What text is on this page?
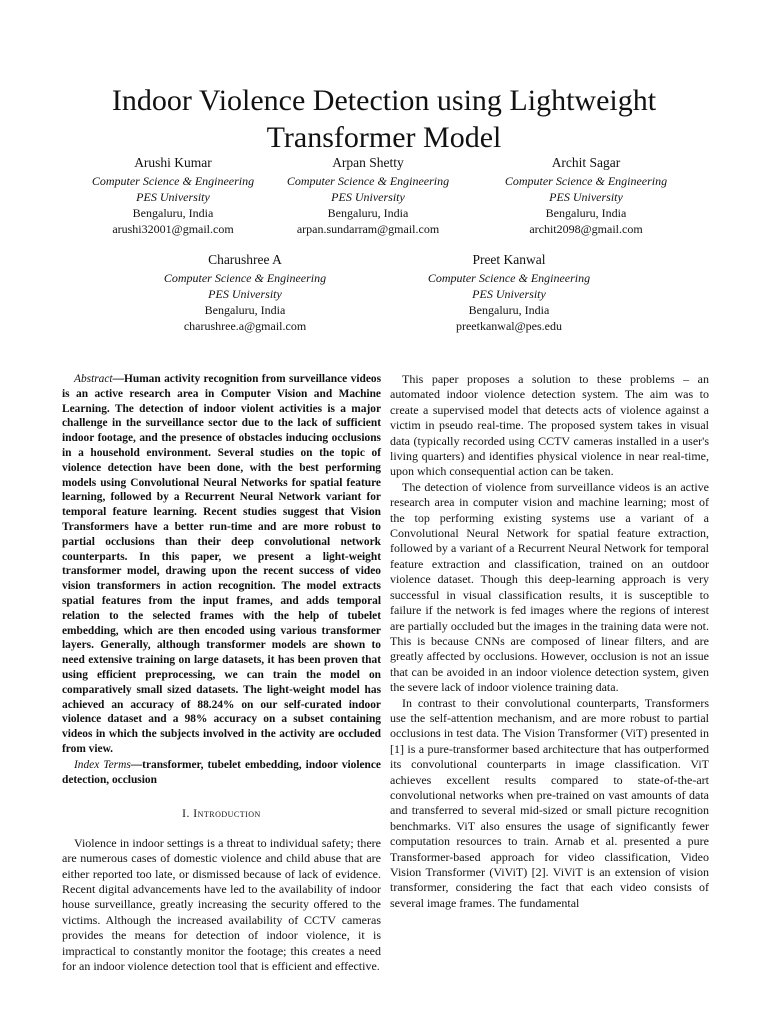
Indoor Violence Detection using Lightweight
Transformer Model
Arushi Kumar
Computer Science & Engineering
PES University
Bengaluru, India
arushi32001@gmail.com
Arpan Shetty
Computer Science & Engineering
PES University
Bengaluru, India
arpan.sundarram@gmail.com
Archit Sagar
Computer Science & Engineering
PES University
Bengaluru, India
archit2098@gmail.com
Charushree A
Computer Science & Engineering
PES University
Bengaluru, India
charushree.a@gmail.com
Preet Kanwal
Computer Science & Engineering
PES University
Bengaluru, India
preetkanwal@pes.edu

Abstract—Human activity recognition from surveillance videos is an active research area in Computer Vision and Machine Learning. The detection of indoor violent activities is a major challenge in the surveillance sector due to the lack of sufficient indoor footage, and the presence of obstacles inducing occlusions in a household environment. Several studies on the topic of violence detection have been done, with the best performing models using Convolutional Neural Networks for spatial feature learning, followed by a Recurrent Neural Network variant for temporal feature learning. Recent studies suggest that Vision Transformers have a better run-time and are more robust to partial occlusions than their deep convolutional network counterparts. In this paper, we present a light-weight transformer model, drawing upon the recent success of video vision transformers in action recognition. The model extracts spatial features from the input frames, and adds temporal relation to the selected frames with the help of tubelet embedding, which are then encoded using various transformer layers. Generally, although transformer models are shown to need extensive training on large datasets, it has been proven that using efficient preprocessing, we can train the model on comparatively small sized datasets. The light-weight model has achieved an accuracy of 88.24% on our self-curated indoor violence dataset and a 98% accuracy on a subset containing videos in which the subjects involved in the activity are occluded from view.

Index Terms—transformer, tubelet embedding, indoor violence detection, occlusion

I. Introduction

Violence in indoor settings is a threat to individual safety; there are numerous cases of domestic violence and child abuse that are either reported too late, or dismissed because of lack of evidence. Recent digital advancements have led to the availability of indoor house surveillance, greatly increasing the security offered to the victims. Although the increased availability of CCTV cameras provides the means for detection of indoor violence, it is impractical to constantly monitor the footage; this creates a need for an indoor violence detection tool that is efficient and effective.

This paper proposes a solution to these problems – an automated indoor violence detection system. The aim was to create a supervised model that detects acts of violence against a victim in pseudo real-time. The proposed system takes in visual data (typically recorded using CCTV cameras installed in a user's living quarters) and identifies physical violence in near real-time, upon which consequential action can be taken.

The detection of violence from surveillance videos is an active research area in computer vision and machine learning; most of the top performing existing systems use a variant of a Convolutional Neural Network for spatial feature extraction, followed by a variant of a Recurrent Neural Network for temporal feature extraction and classification, trained on an outdoor violence dataset. Though this deep-learning approach is very successful in visual classification results, it is susceptible to failure if the network is fed images where the regions of interest are partially occluded but the images in the training data were not. This is because CNNs are composed of linear filters, and are greatly affected by occlusions. However, occlusion is not an issue that can be avoided in an indoor violence detection system, given the severe lack of indoor violence training data.

In contrast to their convolutional counterparts, Transformers use the self-attention mechanism, and are more robust to partial occlusions in test data. The Vision Transformer (ViT) presented in [1] is a pure-transformer based architecture that has outperformed its convolutional counterparts in image classification. ViT achieves excellent results compared to state-of-the-art convolutional networks when pre-trained on vast amounts of data and transferred to several mid-sized or small picture recognition benchmarks. ViT also ensures the usage of significantly fewer computation resources to train. Arnab et al. presented a pure Transformer-based approach for video classification, Video Vision Transformer (ViViT) [2]. ViViT is an extension of vision transformer, considering the fact that each video consists of several image frames. The fundamental
